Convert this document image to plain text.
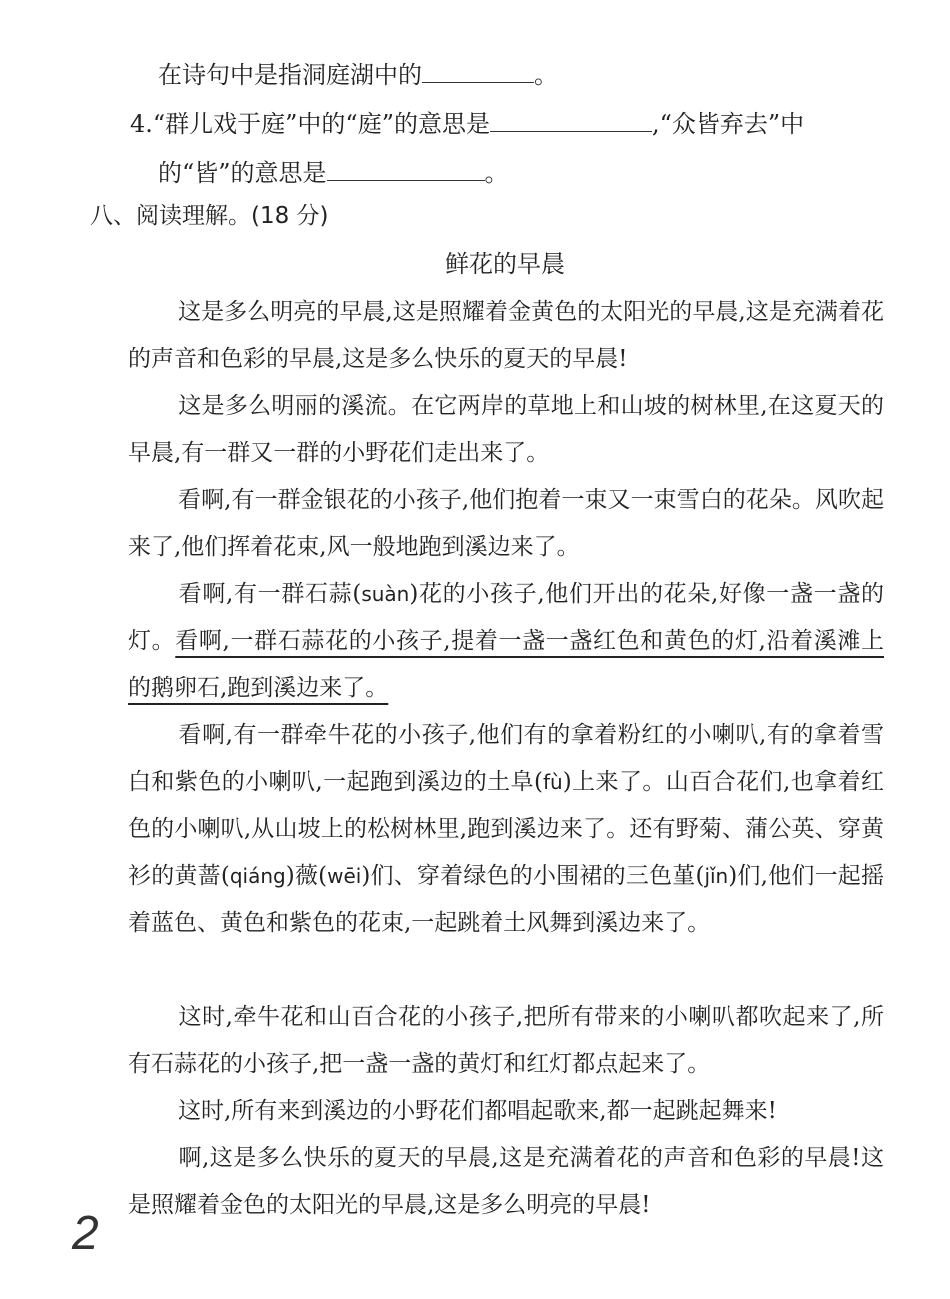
在诗句中是指洞庭湖中的	。
4.“群儿戏于庭”中的“庭”的意思是	,“众皆弃去”中
的“皆”的意思是	。
八、阅读理解。(18 分)
鲜花的早晨
这是多么明亮的早晨,这是照耀着金黄色的太阳光的早晨,这是充满着花的声音和色彩的早晨,这是多么快乐的夏天的早晨!
这是多么明丽的溪流。在它两岸的草地上和山坡的树林里,在这夏天的早晨,有一群又一群的小野花们走出来了。
看啊,有一群金银花的小孩子,他们抱着一束又一束雪白的花朵。风吹起来了,他们挥着花束,风一般地跑到溪边来了。
看啊,有一群石蒜(suàn)花的小孩子,他们开出的花朵,好像一盏一盏的灯。看啊,一群石蒜花的小孩子,提着一盏一盏红色和黄色的灯,沿着溪滩上的鹅卵石,跑到溪边来了。
看啊,有一群牵牛花的小孩子,他们有的拿着粉红的小喇叭,有的拿着雪白和紫色的小喇叭,一起跑到溪边的土阜(fù)上来了。山百合花们,也拿着红色的小喇叭,从山坡上的松树林里,跑到溪边来了。还有野菊、蒲公英、穿黄衫的黄蔷(qiáng)薇(wēi)们、穿着绿色的小围裙的三色堇(jǐn)们,他们一起摇着蓝色、黄色和紫色的花束,一起跳着土风舞到溪边来了。
这时,牵牛花和山百合花的小孩子,把所有带来的小喇叭都吹起来了,所有石蒜花的小孩子,把一盏一盏的黄灯和红灯都点起来了。
这时,所有来到溪边的小野花们都唱起歌来,都一起跳起舞来!
啊,这是多么快乐的夏天的早晨,这是充满着花的声音和色彩的早晨!这是照耀着金色的太阳光的早晨,这是多么明亮的早晨!
2
